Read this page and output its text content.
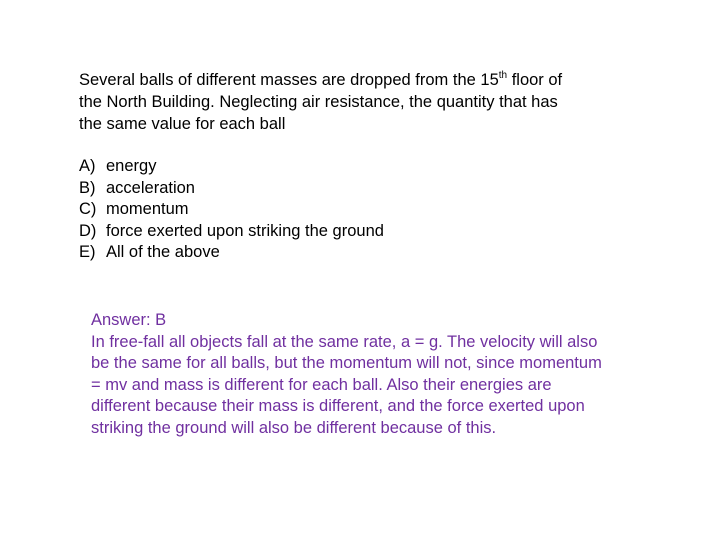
Several balls of different masses are dropped from the 15th floor of
the North Building. Neglecting air resistance, the quantity that has
the same value for each ball
A) energy
B) acceleration
C) momentum
D) force exerted upon striking the ground
E) All of the above
Answer: B
In free-fall all objects fall at the same rate, a = g. The velocity will also
be the same for all balls, but the momentum will not, since momentum
= mv and mass is different for each ball. Also their energies are
different because their mass is different, and the force exerted upon
striking the ground will also be different because of this.
